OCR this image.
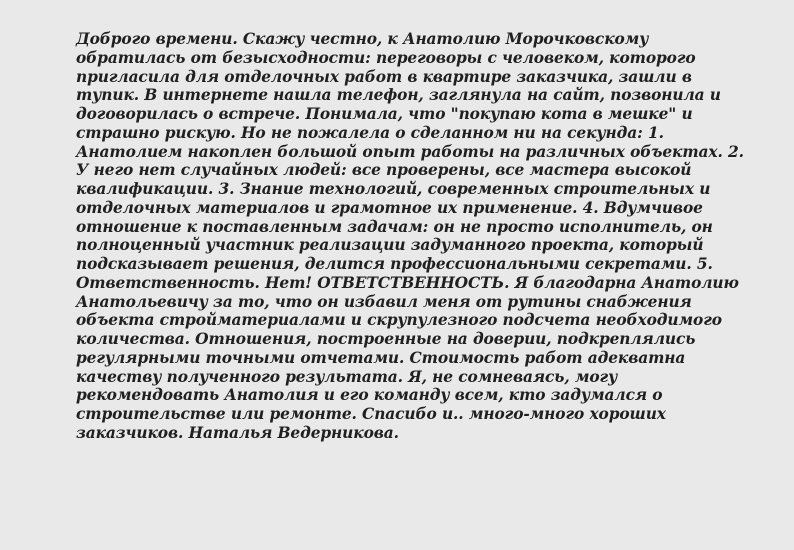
Доброго времени. Скажу честно, к Анатолию Морочковскому обратилась от безысходности: переговоры с человеком, которого пригласила для отделочных работ в квартире заказчика, зашли в тупик. В интернете нашла телефон, заглянула на сайт, позвонила и договорилась о встрече. Понимала, что "покупаю кота в мешке" и страшно рискую. Но не пожалела о сделанном ни на секунда: 1. Анатолием накоплен большой опыт работы на различных объектах. 2. У него нет случайных людей: все проверены, все мастера высокой квалификации. 3. Знание технологий, современных строительных и отделочных материалов и грамотное их применение. 4. Вдумчивое отношение к поставленным задачам: он не просто исполнитель, он полноценный участник реализации задуманного проекта, который подсказывает решения, делится профессиональными секретами. 5. Ответственность. Нет! ОТВЕТСТВЕННОСТЬ. Я благодарна Анатолию Анатольевичу за то, что он избавил меня от рутины снабжения объекта стройматериалами и скрупулезного подсчета необходимого количества. Отношения, построенные на доверии, подкреплялись регулярными точными отчетами. Стоимость работ адекватна качеству полученного результата. Я, не сомневаясь, могу рекомендовать Анатолия и его команду всем, кто задумался о строительстве или ремонте. Спасибо и.. много-много хороших заказчиков. Наталья Ведерникова.
